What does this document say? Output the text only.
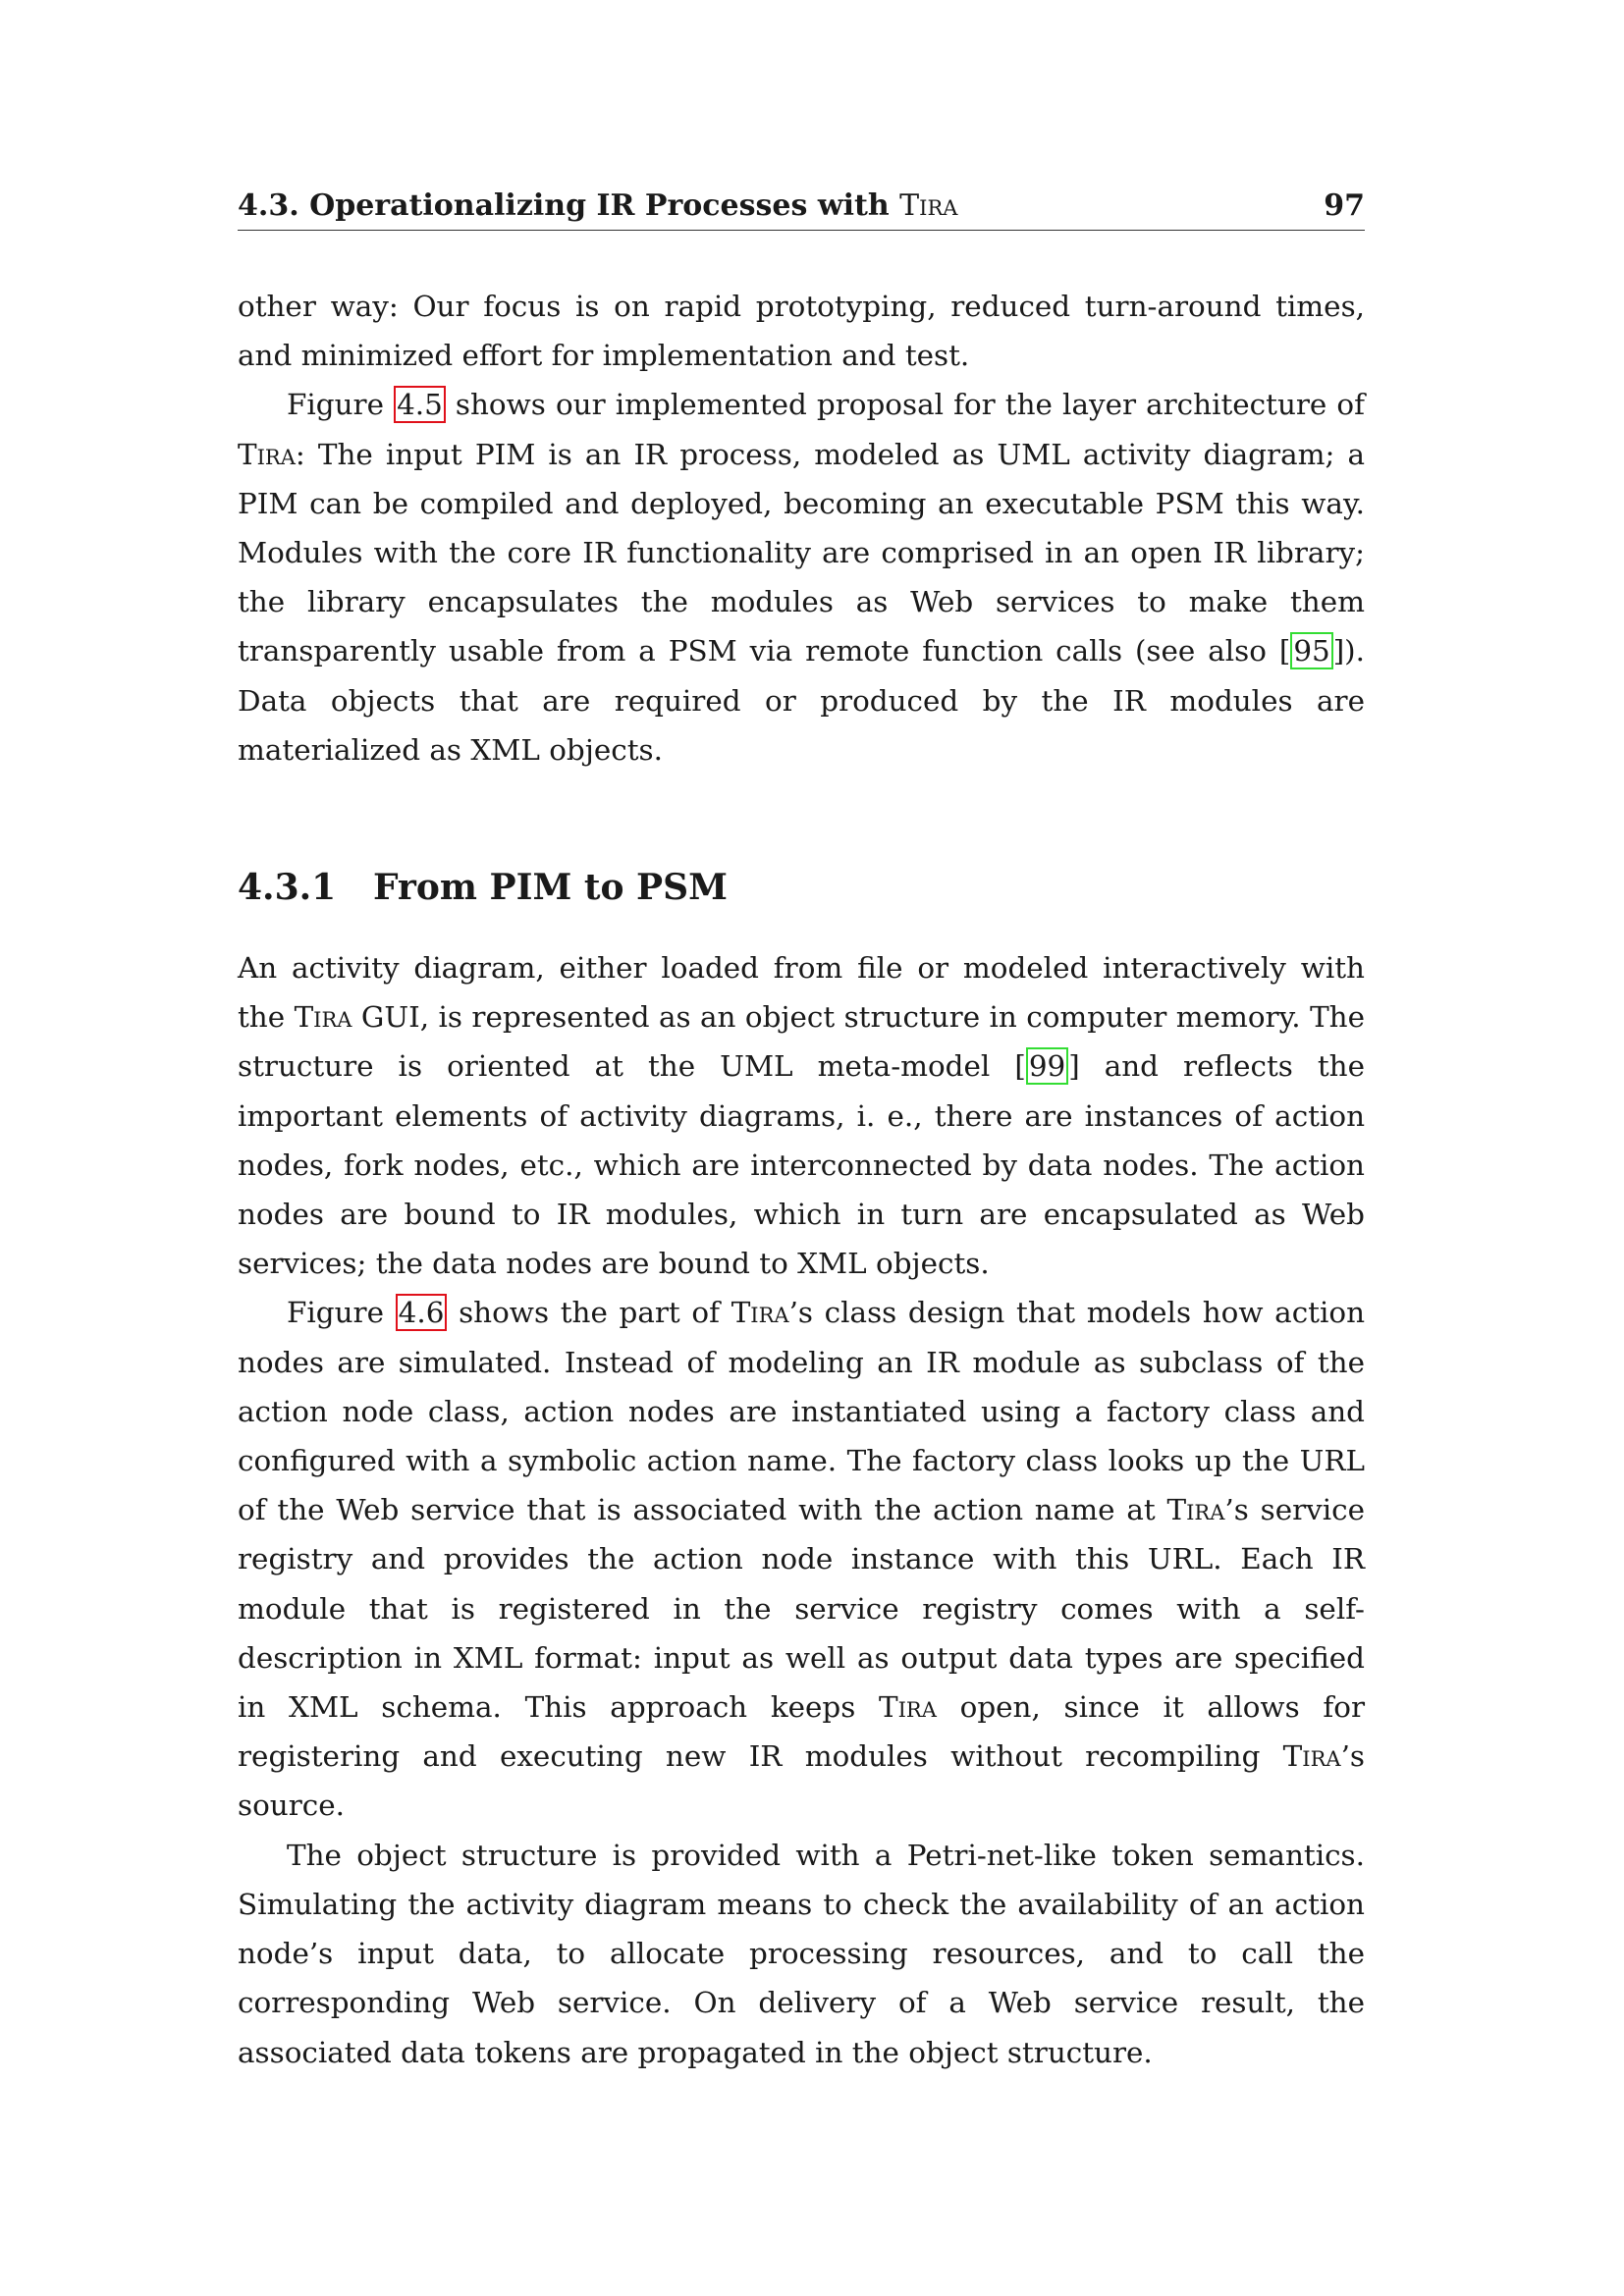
4.3. Operationalizing IR Processes with Tira	97

other way: Our focus is on rapid prototyping, reduced turn-around times, and minimized effort for implementation and test.

Figure 4.5 shows our implemented proposal for the layer architecture of Tira: The input PIM is an IR process, modeled as UML activity diagram; a PIM can be compiled and deployed, becoming an executable PSM this way. Modules with the core IR functionality are comprised in an open IR library; the library encapsulates the modules as Web services to make them transparently usable from a PSM via remote function calls (see also [ 95 ]). Data objects that are required or produced by the IR modules are materialized as XML objects.

4.3.1	From PIM to PSM

An activity diagram, either loaded from file or modeled interactively with the Tira GUI, is represented as an object structure in computer memory. The structure is oriented at the UML meta-model [ 99 ] and reflects the important elements of activity diagrams, i. e., there are instances of action nodes, fork nodes, etc., which are interconnected by data nodes. The action nodes are bound to IR modules, which in turn are encapsulated as Web services; the data nodes are bound to XML objects.

Figure 4.6 shows the part of Tira’s class design that models how action nodes are simulated. Instead of modeling an IR module as subclass of the action node class, action nodes are instantiated using a factory class and configured with a symbolic action name. The factory class looks up the URL of the Web service that is associated with the action name at Tira’s service registry and provides the action node instance with this URL. Each IR module that is registered in the service registry comes with a self-description in XML format: input as well as output data types are specified in XML schema. This approach keeps Tira open, since it allows for registering and executing new IR modules without recompiling Tira’s source.

The object structure is provided with a Petri-net-like token semantics. Simulating the activity diagram means to check the availability of an action node’s input data, to allocate processing resources, and to call the corresponding Web service. On delivery of a Web service result, the associated data tokens are propagated in the object structure.
